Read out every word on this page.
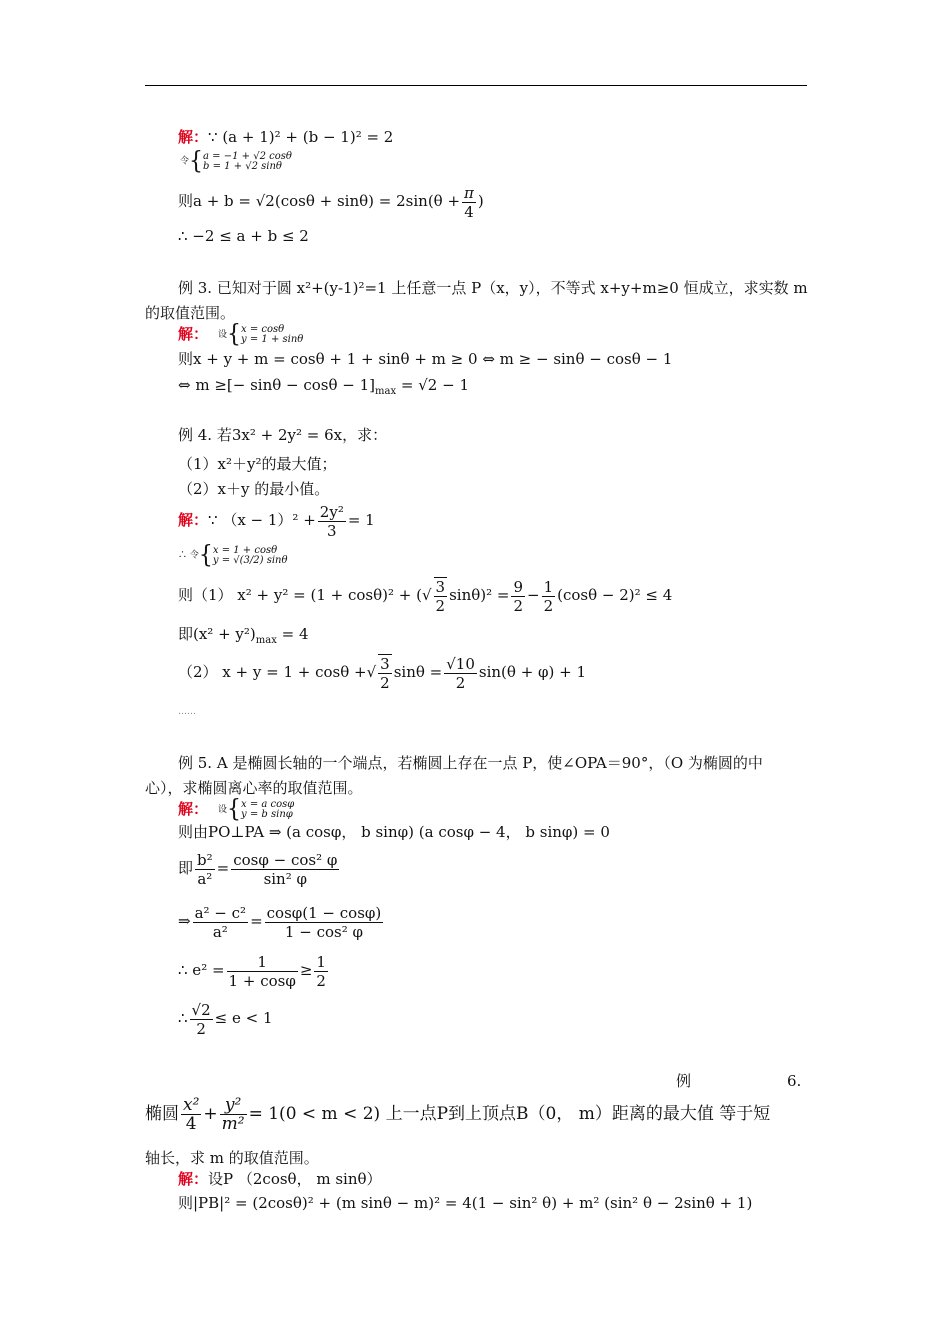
解：∵ (a + 1)² + (b − 1)² = 2
令{ a = −1 + √2 cosθ
b = 1 + √2 sinθ
则$a + b = √2(\cos\theta + \sin\theta) = 2\sin(\theta + \frac{\pi}{4}$ )
∴ −2 ≤ a + b ≤ 2
例 3. 已知对于圆 x²+(y-1)²=1 上任意一点 P（x，y），不等式 x+y+m≥0 恒成立，求实数 m
的取值范围。
解： 设{ x = cosθ
y = 1 + sinθ
则x + y + m = cosθ + 1 + sinθ + m ≥ 0 ⇔ m ≥ − sinθ − cosθ − 1
⇔ m ≥[− $\sin\theta - \cos\theta - 1]_{max} = √2 - 1$
例 4. 若3x² + 2y² = 6x，求：
（1）x²＋y²的最大值；
（2）x＋y 的最小值。
解：∵ $(x - 1)^2 + \frac{\text{2y²}}{3} = 1$
∴ 令{ x = 1 + cosθ
y = √(3/2) sinθ
则（1） x² + y² = (1 + cosθ)² + (√ $\frac{3}{2} \sin\theta)^2 = \frac{9}{2} - \frac{1}{2} (\cos\theta - 2)^2 \le 4$
即$(x^2 + y^2)_{max} = 4$
（2） x + y = 1 + cosθ +√ $\frac{3}{2}$ $\sin\theta = \frac{√10}{2} \sin(\theta + \varphi) + 1$
……
例 5. A 是椭圆长轴的一个端点，若椭圆上存在一点 P，使∠OPA＝90°，（O 为椭圆的中
心），求椭圆离心率的取值范围。
解： 设{ x = a cosφ
y = b sinφ
则由PO⊥PA ⇒ (a cosφ， b sinφ) (a cosφ − 4， b sinφ) = 0
即 $\frac{\text{b²}}{\text{a²}} = \frac{\text{cosφ − cos² φ}}{\text{sin² φ}}$
⇒ $\frac{\text{a² − c²}}{\text{a²}} = \frac{\cos\varphi(1 - \cos\varphi)}{\text{1 − cos² φ}}$
∴ $e^2 = \frac{1}{1 + \cos\varphi} \ge \frac{1}{2}$
∴ $\frac{√2}{2} \le e < 1$
例	6.
椭圆 $\frac{\text{x²}}{4} + \frac{\text{y²}}{\text{m²}} = 1(0 < m < 2)$ 上一点P到上顶点B（0， m）距离的最大值 等于短
轴长，求 m 的取值范围。
解：设P （2cosθ， m sinθ）
则|PB|² = (2cosθ)² + (m sinθ − m)² = 4(1 − sin² θ) + m² (sin² θ − 2sinθ + 1)
